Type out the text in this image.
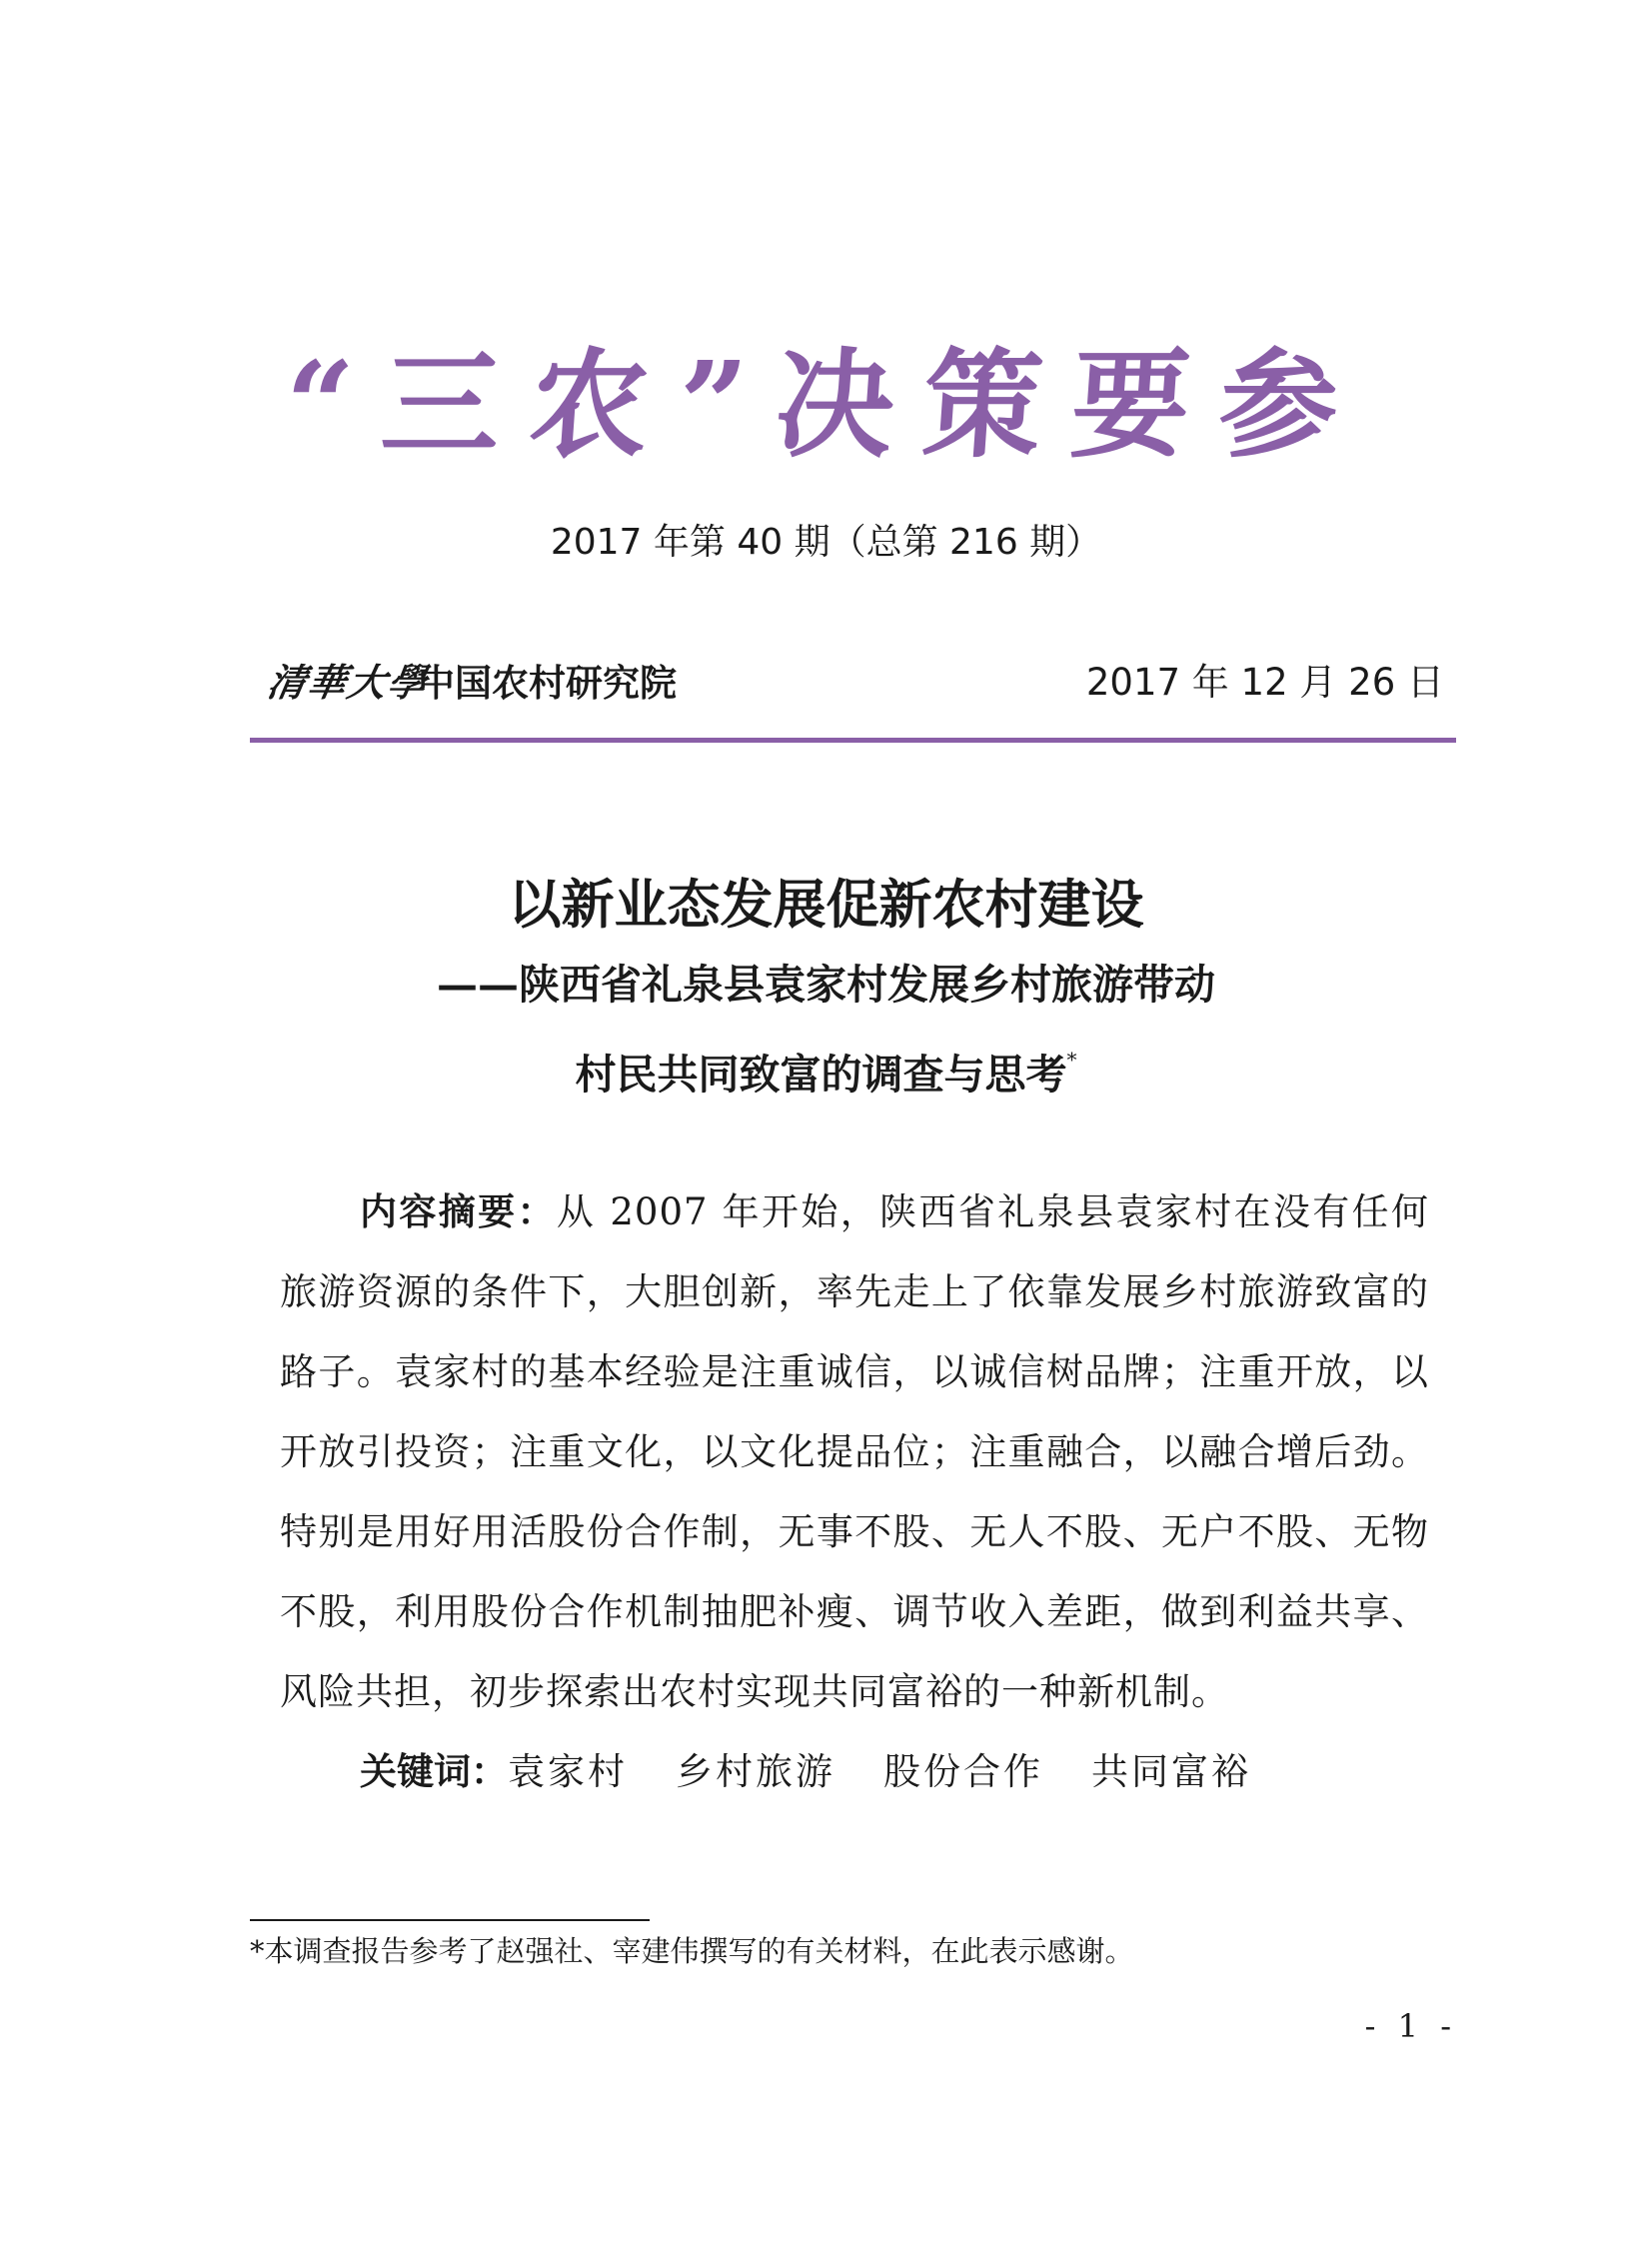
“三农”决策要参
2017 年第 40 期（总第 216 期）
清華大學
中国农村研究院	2017 年 12 月 26 日
以新业态发展促新农村建设
——陕西省礼泉县袁家村发展乡村旅游带动
村民共同致富的调查与思考*

内容摘要：从 2007 年开始，陕西省礼泉县袁家村在没有任何旅游资源的条件下，大胆创新，率先走上了依靠发展乡村旅游致富的路子。袁家村的基本经验是注重诚信，以诚信树品牌；注重开放，以开放引投资；注重文化，以文化提品位；注重融合，以融合增后劲。特别是用好用活股份合作制，无事不股、无人不股、无户不股、无物不股，利用股份合作机制抽肥补瘦、调节收入差距，做到利益共享、风险共担，初步探索出农村实现共同富裕的一种新机制。

关键词：袁家村 乡村旅游 股份合作 共同富裕
*本调查报告参考了赵强社、宰建伟撰写的有关材料，在此表示感谢。
- 1 -
